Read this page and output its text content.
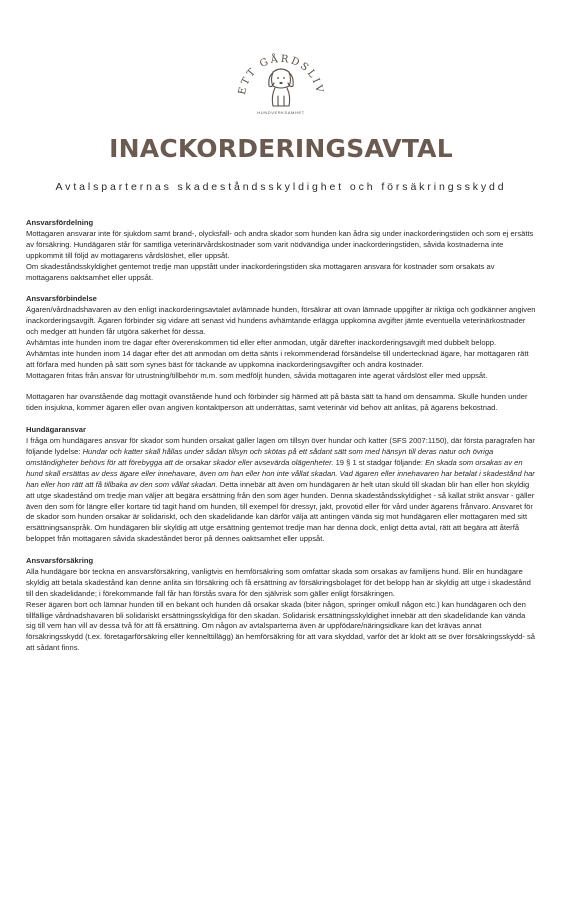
ETT GÅRDSLIV
HUNDVERKSAMHET
INACKORDERINGSAVTAL
Avtalsparternas skadeståndsskyldighet och försäkringsskydd
Ansvarsfördelning

Mottagaren ansvarar inte för sjukdom samt brand-, olycksfall- och andra skador som hunden kan ådra sig under inackorderingstiden och som ej ersätts av försäkring. Hundägaren står för samtliga veterinärvårdskostnader som varit nödvändiga under inackorderingstiden, såvida kostnaderna inte uppkommit till följd av mottagarens vårdslöshet, eller uppsåt.

Om skadeståndsskyldighet gentemot tredje man uppstått under inackorderingstiden ska mottagaren ansvara för kostnader som orsakats av mottagarens oaktsamhet eller uppsåt.

Ansvarsförbindelse

Ägaren/vårdnadshavaren av den enligt inackorderingsavtalet avlämnade hunden, försäkrar att ovan lämnade uppgifter är riktiga och godkänner angiven inackorderingsavgift. Ägaren förbinder sig vidare att senast vid hundens avhämtande erlägga uppkomna avgifter jämte eventuella veterinärkostnader och medger att hunden får utgöra säkerhet för dessa.

Avhämtas inte hunden inom tre dagar efter överenskommen tid eller efter anmodan, utgår därefter inackorderingsavgift med dubbelt belopp.

Avhämtas inte hunden inom 14 dagar efter det att anmodan om detta sänts i rekommenderad försändelse till undertecknad ägare, har mottagaren rätt att förfara med hunden på sätt som synes bäst för täckande av uppkomna inackorderingsavgifter och andra kostnader.

Mottagaren fritas från ansvar för utrustning/tillbehör m.m. som medföljt hunden, såvida mottagaren inte agerat vårdslöst eller med uppsåt.

Mottagaren har ovanstående dag mottagit ovanstående hund och förbinder sig härmed att på bästa sätt ta hand om densamma. Skulle hunden under tiden insjukna, kommer ägaren eller ovan angiven kontaktperson att underrättas, samt veterinär vid behov att anlitas, på ägarens bekostnad.

Hundägaransvar

I fråga om hundägares ansvar för skador som hunden orsakat gäller lagen om tillsyn över hundar och katter (SFS 2007:1150), där första paragrafen har följande lydelse: Hundar och katter skall hållas under sådan tillsyn och skötas på ett sådant sätt som med hänsyn till deras natur och övriga omständigheter behövs för att förebygga att de orsakar skador eller avsevärda olägenheter. 19 § 1 st stadgar följande: En skada som orsakas av en hund skall ersättas av dess ägare eller innehavare, även om han eller hon inte vållat skadan. Vad ägaren eller innehavaren har betalat i skadestånd har han eller hon rätt att få tillbaka av den som vållat skadan. Detta innebär att även om hundägaren är helt utan skuld till skadan blir han eller hon skyldig att utge skadestånd om tredje man väljer att begära ersättning från den som äger hunden. Denna skadeståndsskyldighet - så kallat strikt ansvar - gäller även den som för längre eller kortare tid tagit hand om hunden, till exempel för dressyr, jakt, provotid eller för vård under ägarens frånvaro. Ansvaret för de skador som hunden orsakar är solidariskt, och den skadelidande kan därför välja att antingen vända sig mot hundägaren eller mottagaren med sitt ersättningsanspråk. Om hundägaren blir skyldig att utge ersättning gentemot tredje man har denna dock, enligt detta avtal, rätt att begära att återfå beloppet från mottagaren såvida skadeståndet beror på dennes oaktsamhet eller uppsåt.

Ansvarsförsäkring

Alla hundägare bör teckna en ansvarsförsäkring, vanligtvis en hemförsäkring som omfattar skada som orsakas av familjens hund. Blir en hundägare skyldig att betala skadestånd kan denne anlita sin försäkring och få ersättning av försäkringsbolaget för det belopp han är skyldig att utge i skadestånd till den skadelidande; i förekommande fall får han förstås svara för den självrisk som gäller enligt försäkringen.

Reser ägaren bort och lämnar hunden till en bekant och hunden då orsakar skada (biter någon, springer omkull någon etc.) kan hundägaren och den tillfällige vårdnadshavaren bli solidariskt ersättningsskyldiga för den skadan. Solidarisk ersättningsskyldighet innebär att den skadelidande kan vända sig till vem han vill av dessa två för att få ersättning. Om någon av avtalsparterna även är uppfödare/näringsidkare kan det krävas annat försäkringsskydd (t.ex. företagarförsäkring eller kennelttillägg) än hemförsäkring för att vara skyddad, varför det är klokt att se över försäkringsskydd- så att sådant finns.
